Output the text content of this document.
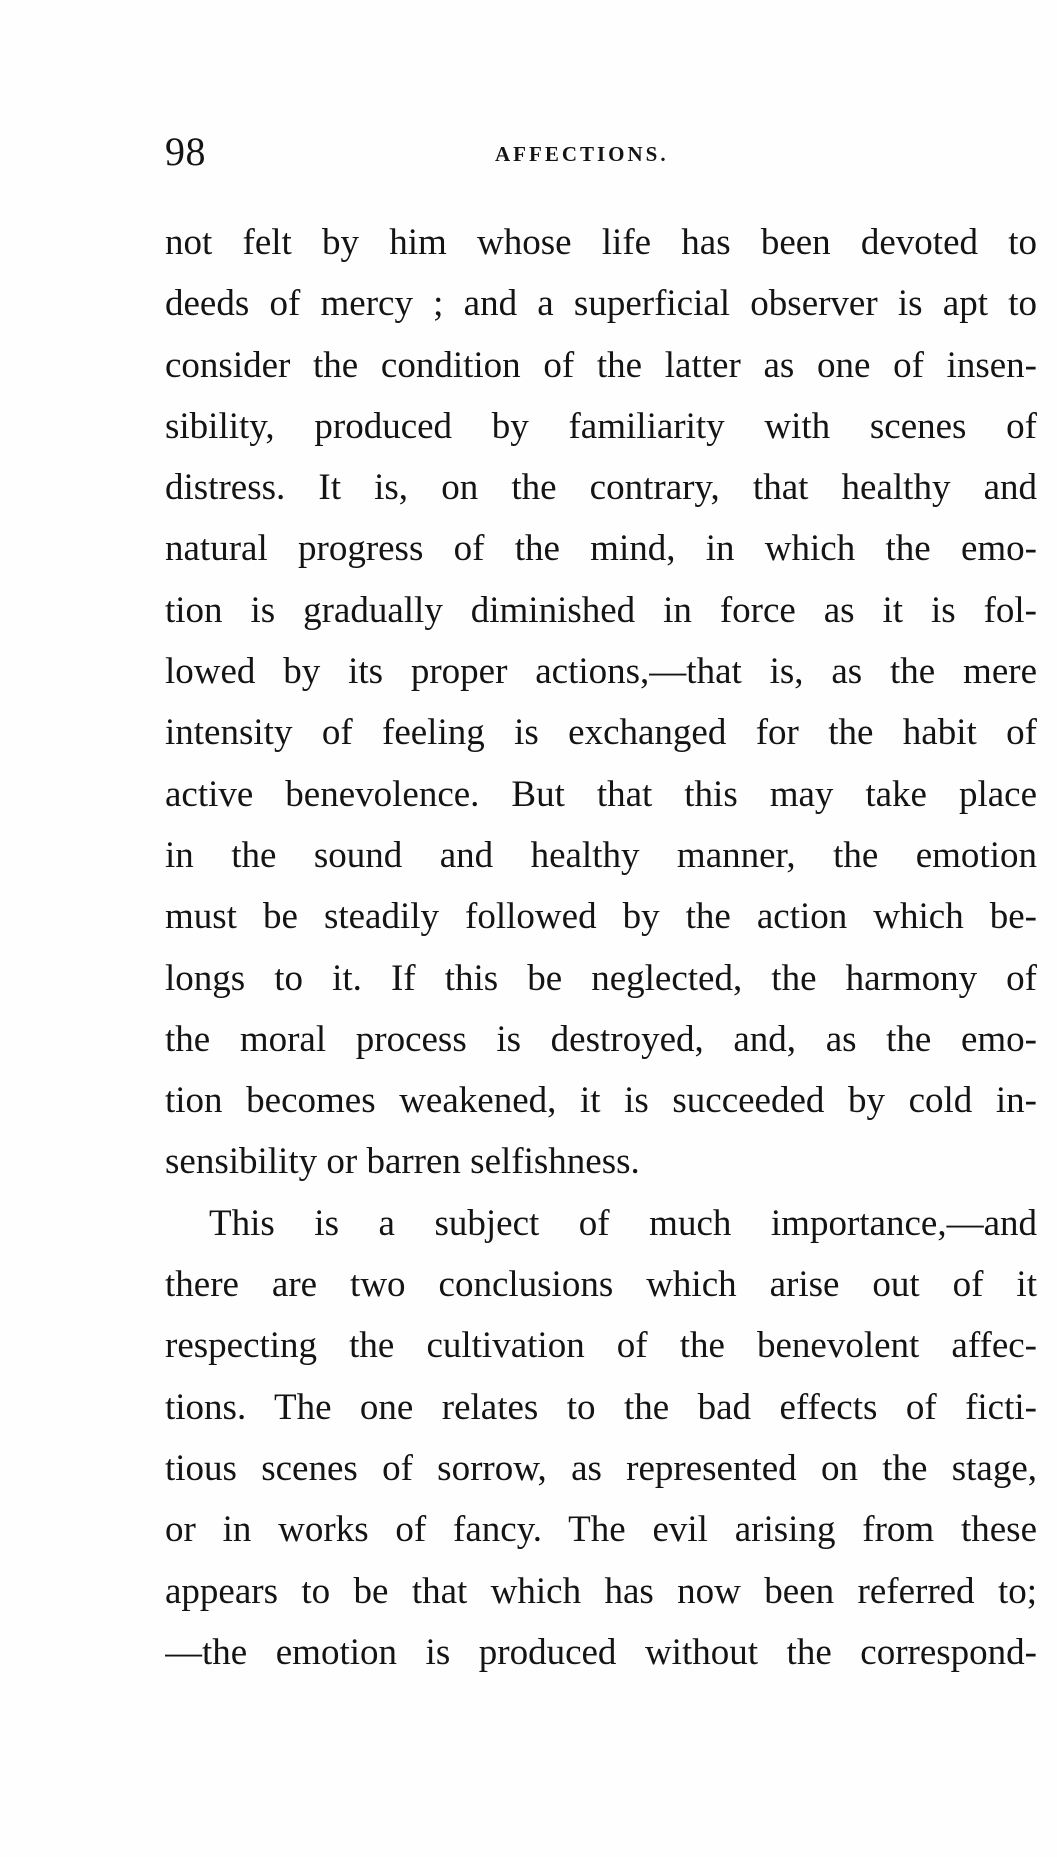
98	AFFECTIONS.
not felt by him whose life has been devoted to
deeds of mercy ; and a superficial observer is apt to
consider the condition of the latter as one of insen-
sibility, produced by familiarity with scenes of
distress. It is, on the contrary, that healthy and
natural progress of the mind, in which the emo-
tion is gradually diminished in force as it is fol-
lowed by its proper actions,—that is, as the mere
intensity of feeling is exchanged for the habit of
active benevolence. But that this may take place
in the sound and healthy manner, the emotion
must be steadily followed by the action which be-
longs to it. If this be neglected, the harmony of
the moral process is destroyed, and, as the emo-
tion becomes weakened, it is succeeded by cold in-
sensibility or barren selfishness.
This is a subject of much importance,—and
there are two conclusions which arise out of it
respecting the cultivation of the benevolent affec-
tions. The one relates to the bad effects of ficti-
tious scenes of sorrow, as represented on the stage,
or in works of fancy. The evil arising from these
appears to be that which has now been referred to;
—the emotion is produced without the correspond-
